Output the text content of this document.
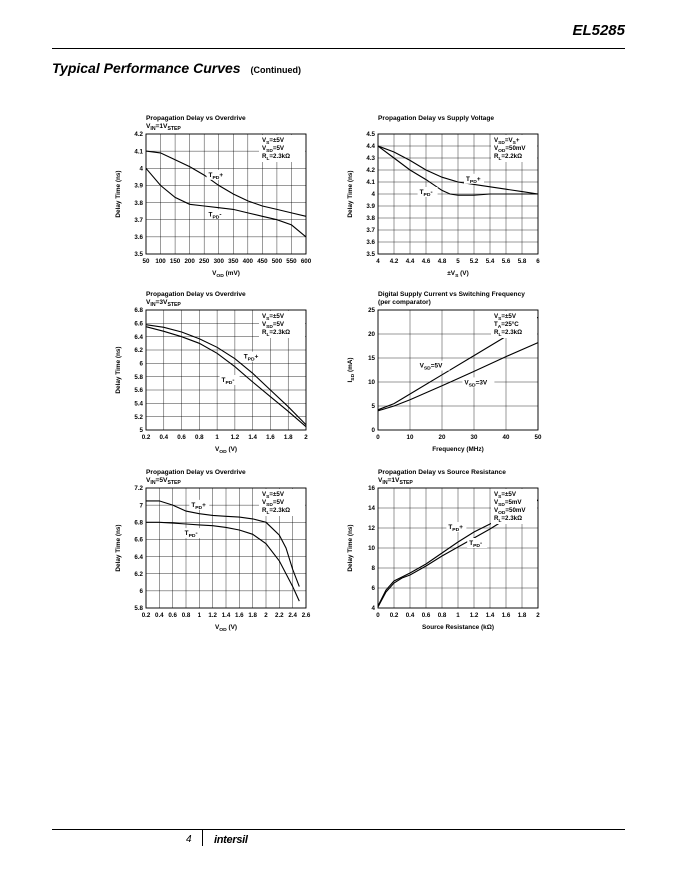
EL5285
Typical Performance Curves (Continued)
Propagation Delay vs Overdrive
$V_{IN}=1V_{STEP}$
50 100 150 200 250 300 350 400 450 500 550 600
3.5
3.6
3.7
3.8
3.9
4
4.1
4.2
$V_{OD}$ (mV)
Delay Time (ns)	$T_{PD}+$
$T_{PD}-$
$V_S=\pm 5V$
$V_{SD}=5V$
$R_L=2.3k\Omega$
Propagation Delay vs Supply Voltage
4 4.2 4.4 4.6 4.8 5 5.2 5.4 5.6 5.8 6
3.5
3.6
3.7
3.8
3.9
4
4.1
4.2
4.3
4.4
4.5
$\pm V_S$ (V)
Delay Time (ns)	$T_{PD}+$
$T_{PD}-$
$V_{SD}=V_S+$
$V_{OD}=50mV$
$R_L=2.2k\Omega$
Propagation Delay vs Overdrive
$V_{IN}=3V_{STEP}$
0.2 0.4 0.6 0.8 1 1.2 1.4 1.6 1.8 2
5
5.2
5.4
5.6
5.8
6
6.2
6.4
6.6
6.8
$V_{OD}$ (V)
Delay Time (ns)	$T_{PD}+$
$T_{PD}-$
$V_S=\pm 5V$
$V_{SD}=5V$
$R_L=2.3k\Omega$
Digital Supply Current vs Switching Frequency
(per comparator)
0	10	20	30	40	50
0
5
10
15
20
25
Frequency (MHz)
$I_{SD}$ (mA)	$V_{SD}=5V$
$V_{SD}=3V$
$V_S=\pm 5V$
$T_A=25^\circ C$
$R_L=2.3k\Omega$
Propagation Delay vs Overdrive
$V_{IN}=5V_{STEP}$
0.2 0.4 0.6 0.8 1 1.2 1.4 1.6 1.8 2 2.2 2.4 2.6
5.8
6
6.2
6.4
6.6
6.8
7
7.2
$V_{OD}$ (V)
Delay Time (ns)
$T_{PD}+$
$T_{PD}-$
$V_S=\pm 5V$
$V_{SD}=5V$
$R_L=2.3k\Omega$
Propagation Delay vs Source Resistance
$V_{IN}=1V_{STEP}$
0 0.2 0.4 0.6 0.8 1 1.2 1.4 1.6 1.8 2
4
6
8
10
12
14
16
Source Resistance (kΩ)
Delay Time (ns)	$T_{PD}+$
$T_{PD}-$
$V_S=\pm 5V$
$V_{SD}=5mV$
$V_{OD}=50mV$
$R_L=2.3k\Omega$
4 intersil
